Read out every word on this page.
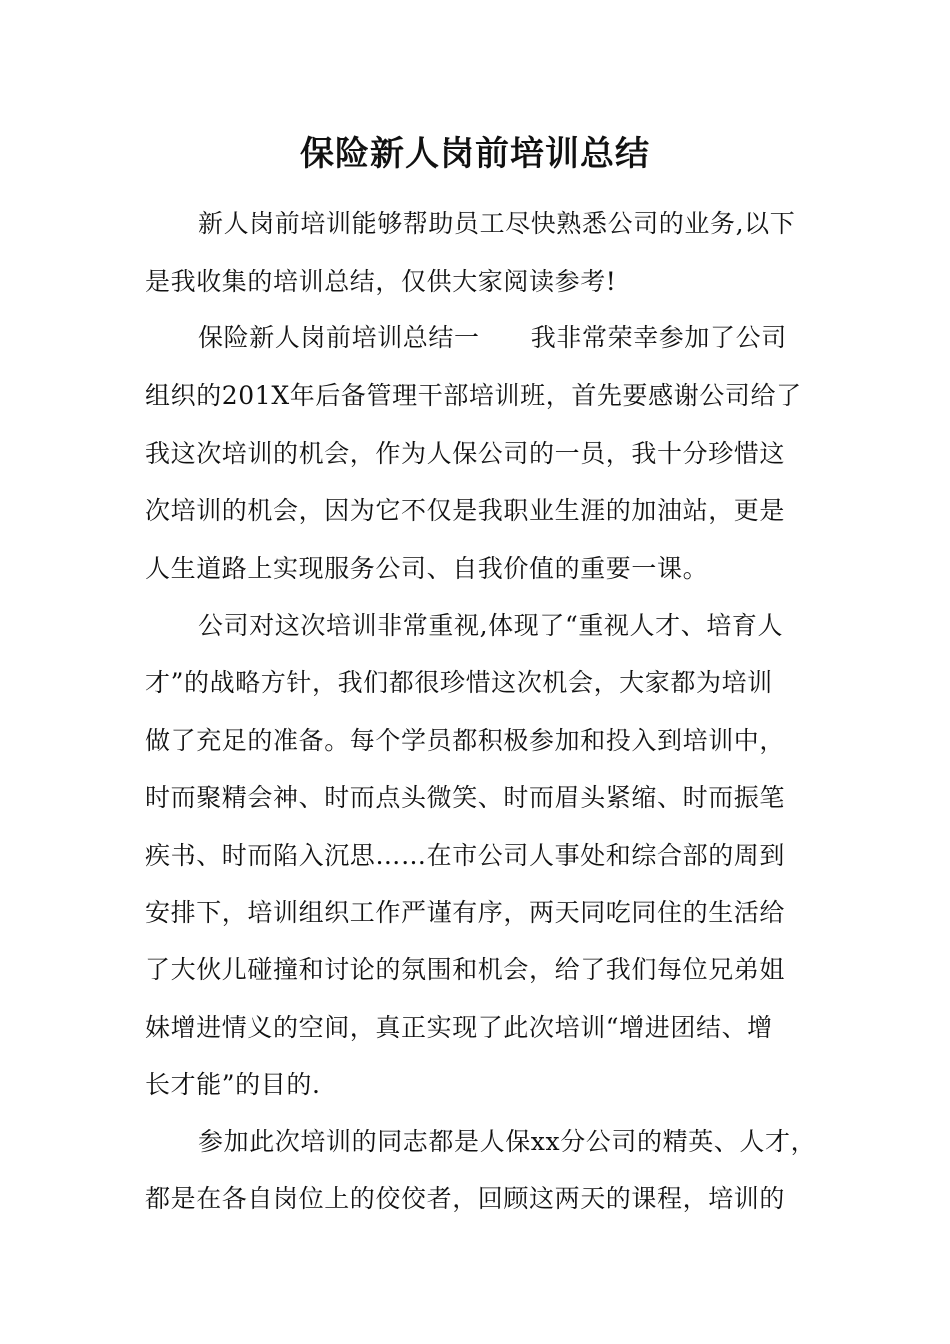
保险新人岗前培训总结
新人岗前培训能够帮助员工尽快熟悉公司的业务,以下
是我收集的培训总结，仅供大家阅读参考!
保险新人岗前培训总结一　　我非常荣幸参加了公司
组织的201X年后备管理干部培训班，首先要感谢公司给了
我这次培训的机会，作为人保公司的一员，我十分珍惜这
次培训的机会，因为它不仅是我职业生涯的加油站，更是
人生道路上实现服务公司、自我价值的重要一课。
公司对这次培训非常重视,体现了“重视人才、培育人
才”的战略方针，我们都很珍惜这次机会，大家都为培训
做了充足的准备。每个学员都积极参加和投入到培训中，
时而聚精会神、时而点头微笑、时而眉头紧缩、时而振笔
疾书、时而陷入沉思……在市公司人事处和综合部的周到
安排下，培训组织工作严谨有序，两天同吃同住的生活给
了大伙儿碰撞和讨论的氛围和机会，给了我们每位兄弟姐
妹增进情义的空间，真正实现了此次培训“增进团结、增
长才能”的目的.
参加此次培训的同志都是人保xx分公司的精英、人才，
都是在各自岗位上的佼佼者，回顾这两天的课程，培训的
